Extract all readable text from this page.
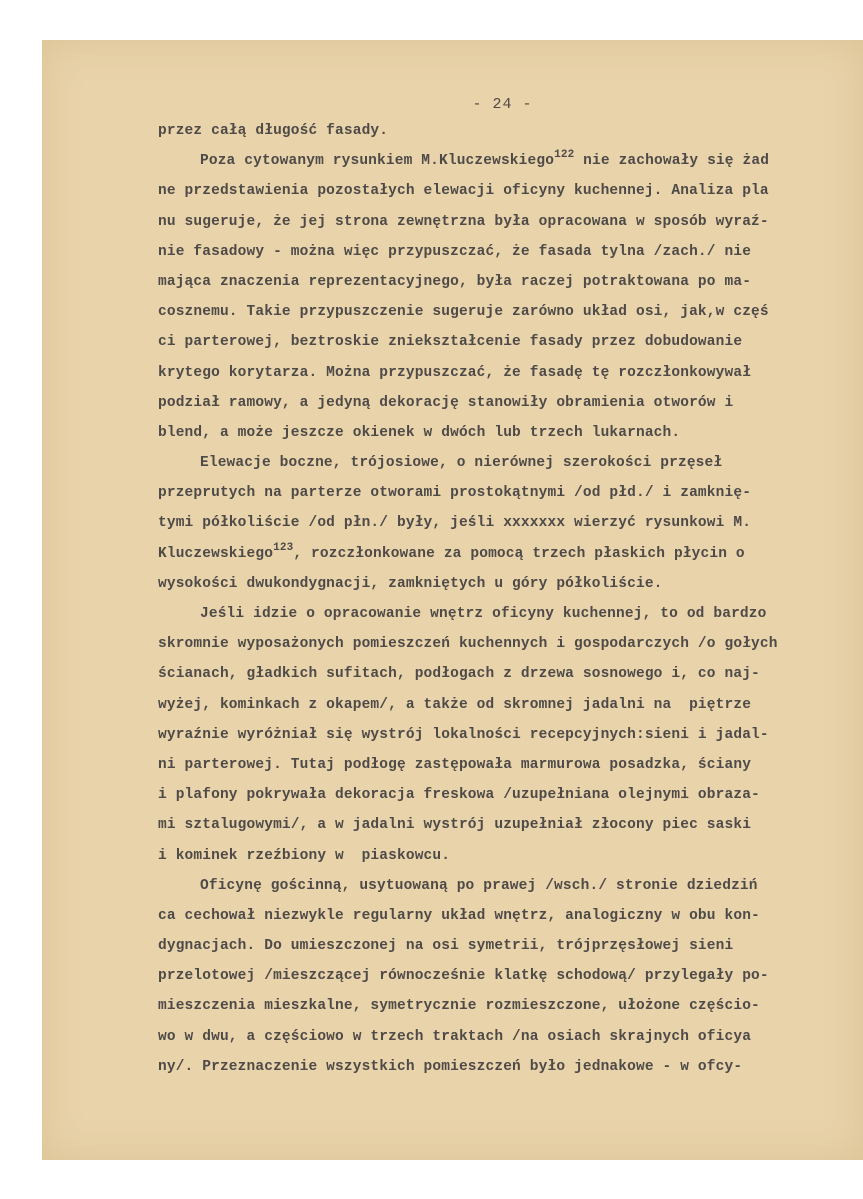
- 24 -
przez całą długość fasady.
Poza cytowanym rysunkiem M.Kluczewskiego$^{122}$ nie zachowały się żad
ne przedstawienia pozostałych elewacji oficyny kuchennej. Analiza pla
nu sugeruje, że jej strona zewnętrzna była opracowana w sposób wyraź-
nie fasadowy - można więc przypuszczać, że fasada tylna /zach./ nie
mająca znaczenia reprezentacyjnego, była raczej potraktowana po ma-
cosznemu. Takie przypuszczenie sugeruje zarówno układ osi, jak,w częś
ci parterowej, beztroskie zniekształcenie fasady przez dobudowanie
krytego korytarza. Można przypuszczać, że fasadę tę rozczłonkowywał
podział ramowy, a jedyną dekorację stanowiły obramienia otworów i
blend, a może jeszcze okienek w dwóch lub trzech lukarnach.
Elewacje boczne, trójosiowe, o nierównej szerokości przęseł
przeprutych na parterze otworami prostokątnymi /od płd./ i zamknię-
tymi półkoliście /od płn./ były, jeśli xxxxxxx wierzyć rysunkowi M.
Kluczewskiego$^{123}$, rozczłonkowane za pomocą trzech płaskich płycin o
wysokości dwukondygnacji, zamkniętych u góry półkoliście.
Jeśli idzie o opracowanie wnętrz oficyny kuchennej, to od bardzo
skromnie wyposażonych pomieszczeń kuchennych i gospodarczych /o gołych
ścianach, gładkich sufitach, podłogach z drzewa sosnowego i, co naj-
wyżej, kominkach z okapem/, a także od skromnej jadalni na  piętrze
wyraźnie wyróżniał się wystrój lokalności recepcyjnych:sieni i jadal-
ni parterowej. Tutaj podłogę zastępowała marmurowa posadzka, ściany
i plafony pokrywała dekoracja freskowa /uzupełniana olejnymi obraza-
mi sztalugowymi/, a w jadalni wystrój uzupełniał złocony piec saski
i kominek rzeźbiony w  piaskowcu.
Oficynę gościnną, usytuowaną po prawej /wsch./ stronie dziedziń
ca cechował niezwykle regularny układ wnętrz, analogiczny w obu kon-
dygnacjach. Do umieszczonej na osi symetrii, trójprzęsłowej sieni
przelotowej /mieszczącej równocześnie klatkę schodową/ przylegały po-
mieszczenia mieszkalne, symetrycznie rozmieszczone, ułożone częścio-
wo w dwu, a częściowo w trzech traktach /na osiach skrajnych oficya
ny/. Przeznaczenie wszystkich pomieszczeń było jednakowe - w ofcy-
